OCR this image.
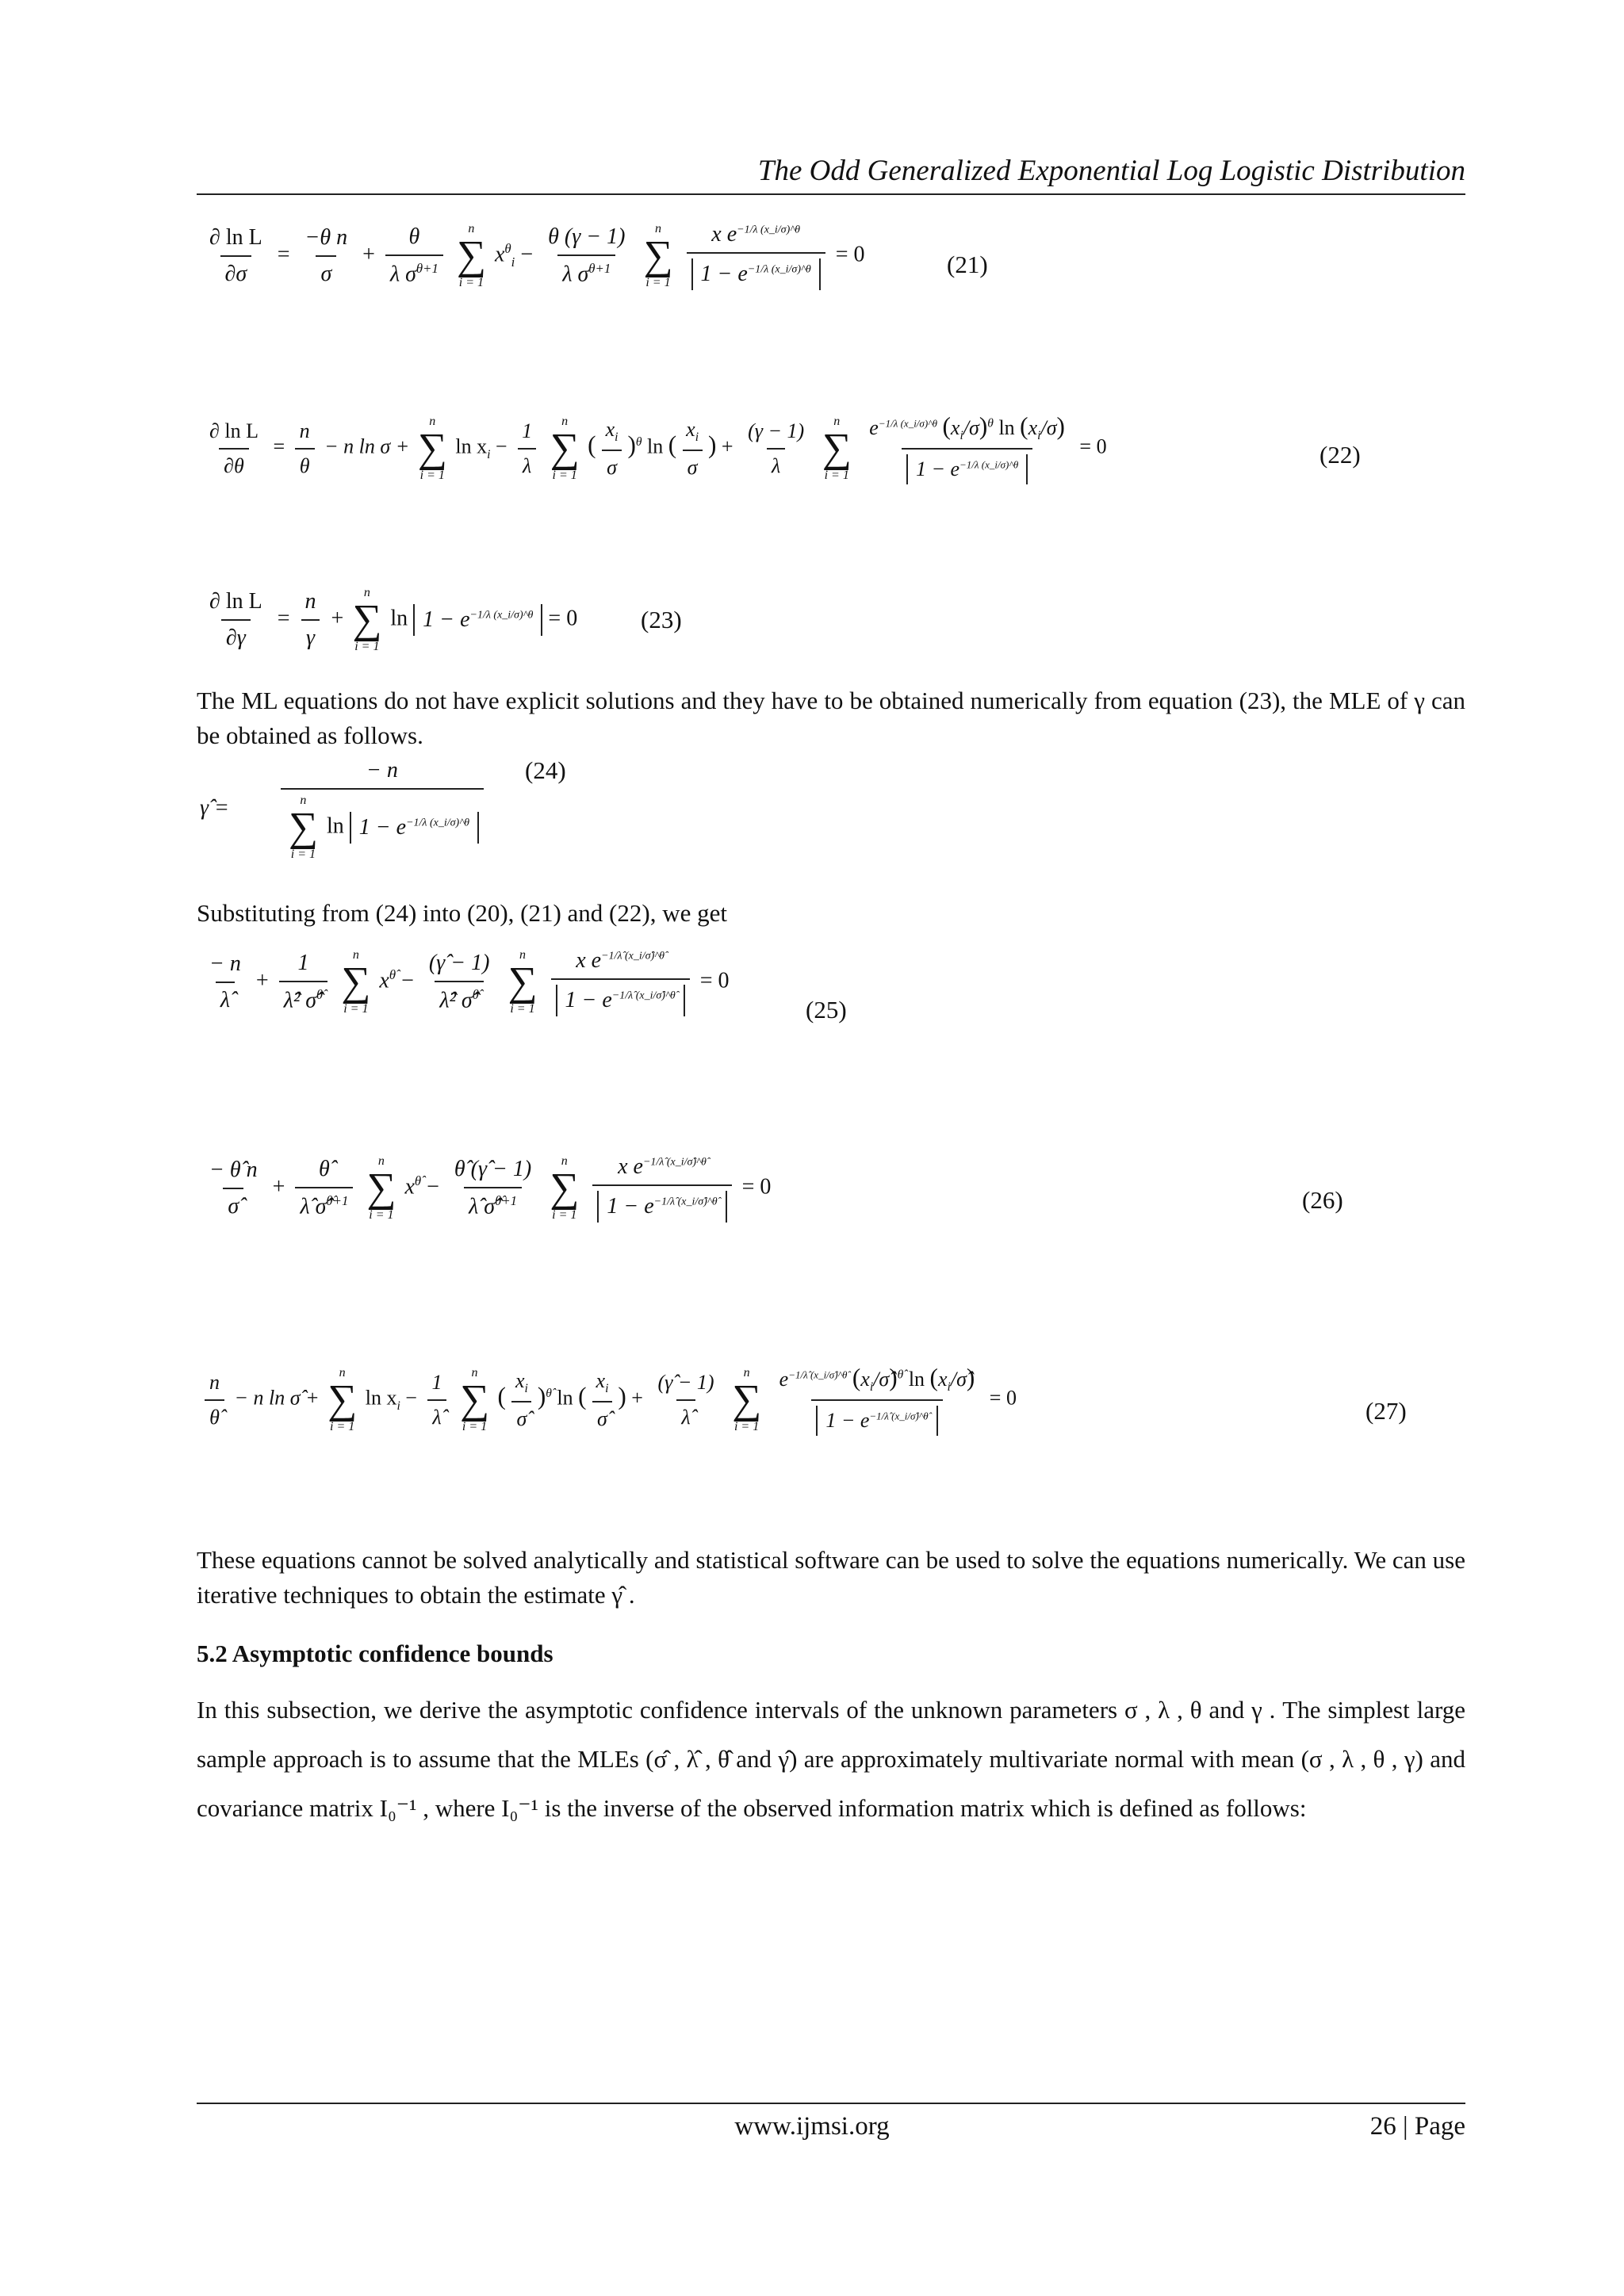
The Odd Generalized Exponential Log Logistic Distribution
$\frac{\text{∂ ln L}}{\partial\sigma} = \frac{\text{−θ n}}{\sigma} + \frac{\theta}{\lambda \sigma^{\theta+1}}$
n
∑
i = 1
$x^\theta_i - \frac{\theta (\gamma - 1)}{\lambda \sigma^{\theta+1}}$
n
∑
i = 1
$\frac{x e^{-1/\lambda (x\_i/\sigma)\^{}\theta}}{1 - e^{-1/\lambda (x\_i/\sigma)\^{}\theta}} = 0$	(21)
$\frac{\text{∂ ln L}}{\partial\theta} = \frac{n}{\theta} - n$ ln σ +
n
∑
i = 1
$\ln x_i - \frac{1}{\lambda}$
n
∑
i = 1
( $\frac{x_i}{\sigma} )^\theta$ ln ( $\frac{x_i}{\sigma}$ ) + $\frac{(\gamma - 1)}{\lambda}$
n
∑
i = 1
$\frac{e^{-1/\lambda (x\_i/\sigma)\^{}\theta} (x_i/\sigma)^\theta \ln (x_i/\sigma)}{1 - e^{-1/\lambda (x\_i/\sigma)\^{}\theta}} = 0$	(22)
$\frac{\text{∂ ln L}}{\partial\gamma} = \frac{n}{\gamma}$ +
n
∑
i = 1
$\ln 1 - e^{-1/\lambda (x\_i/\sigma)\^{}\theta} = 0$	(23)
The ML equations do not have explicit solutions and they have to be obtained numerically from equation (23), the MLE of γ can be obtained as follows.
γ̂ = − n
n
∑
i = 1
$\ln 1 - e^{-1/\lambda (x\_i/\sigma)\^{}\theta}$ (24)
Substituting from (24) into (20), (21) and (22), we get
$\frac{- n}{\lambdâ} + \frac{1}{\lambdâ^2 \sigmâ^{\thetâ}}$
n
∑
i = 1
$x^{\thetâ} - \frac{(\gammâ - 1)}{\lambdâ^2 \sigmâ^{\thetâ}}$
n
∑
i = 1
$\frac{x e^{-1/\lambdâ (x\_i/\sigmâ)\^{}\thetâ}}{1 - e^{-1/\lambdâ (x\_i/\sigmâ)\^{}\thetâ}} = 0$
(25)
$\frac{- \thetâ n}{\sigmâ} + \frac{\thetâ}{\lambdâ \sigmâ^{\thetâ+1}}$
n
∑
i = 1
$x^{\thetâ} - \frac{\thetâ (\gammâ - 1)}{\lambdâ \sigmâ^{\thetâ+1}}$
n
∑
i = 1
$\frac{x e^{-1/\lambdâ (x\_i/\sigmâ)\^{}\thetâ}}{1 - e^{-1/\lambdâ (x\_i/\sigmâ)\^{}\thetâ}} = 0$	(26)
$\frac{n}{\thetâ} - n$ ln σ̂ +
n
∑
i = 1
$\ln x_i - \frac{1}{\lambdâ}$
n
∑
i = 1
( $\frac{x_i}{\sigmâ} )^{\thetâ}$ ln ( $\frac{x_i}{\sigmâ}$ ) + $\frac{(\gammâ - 1)}{\lambdâ}$
n
∑
i = 1
$\frac{e^{-1/\lambdâ (x\_i/\sigmâ)\^{}\thetâ} (x_i/\sigmâ)^{\thetâ} \ln (x_i/\sigmâ)}{1 - e^{-1/\lambdâ (x\_i/\sigmâ)\^{}\thetâ}} = 0$	(27)
These equations cannot be solved analytically and statistical software can be used to solve the equations numerically. We can use iterative techniques to obtain the estimate γ̂ .
5.2 Asymptotic confidence bounds
In this subsection, we derive the asymptotic confidence intervals of the unknown parameters σ , λ , θ and γ . The simplest large sample approach is to assume that the MLEs (σ̂ , λ̂ , θ̂ and γ̂) are approximately multivariate normal with mean (σ , λ , θ , γ) and covariance matrix I₀⁻¹ , where I₀⁻¹ is the inverse of the observed information matrix which is defined as follows:
www.ijmsi.org	26 | Page
